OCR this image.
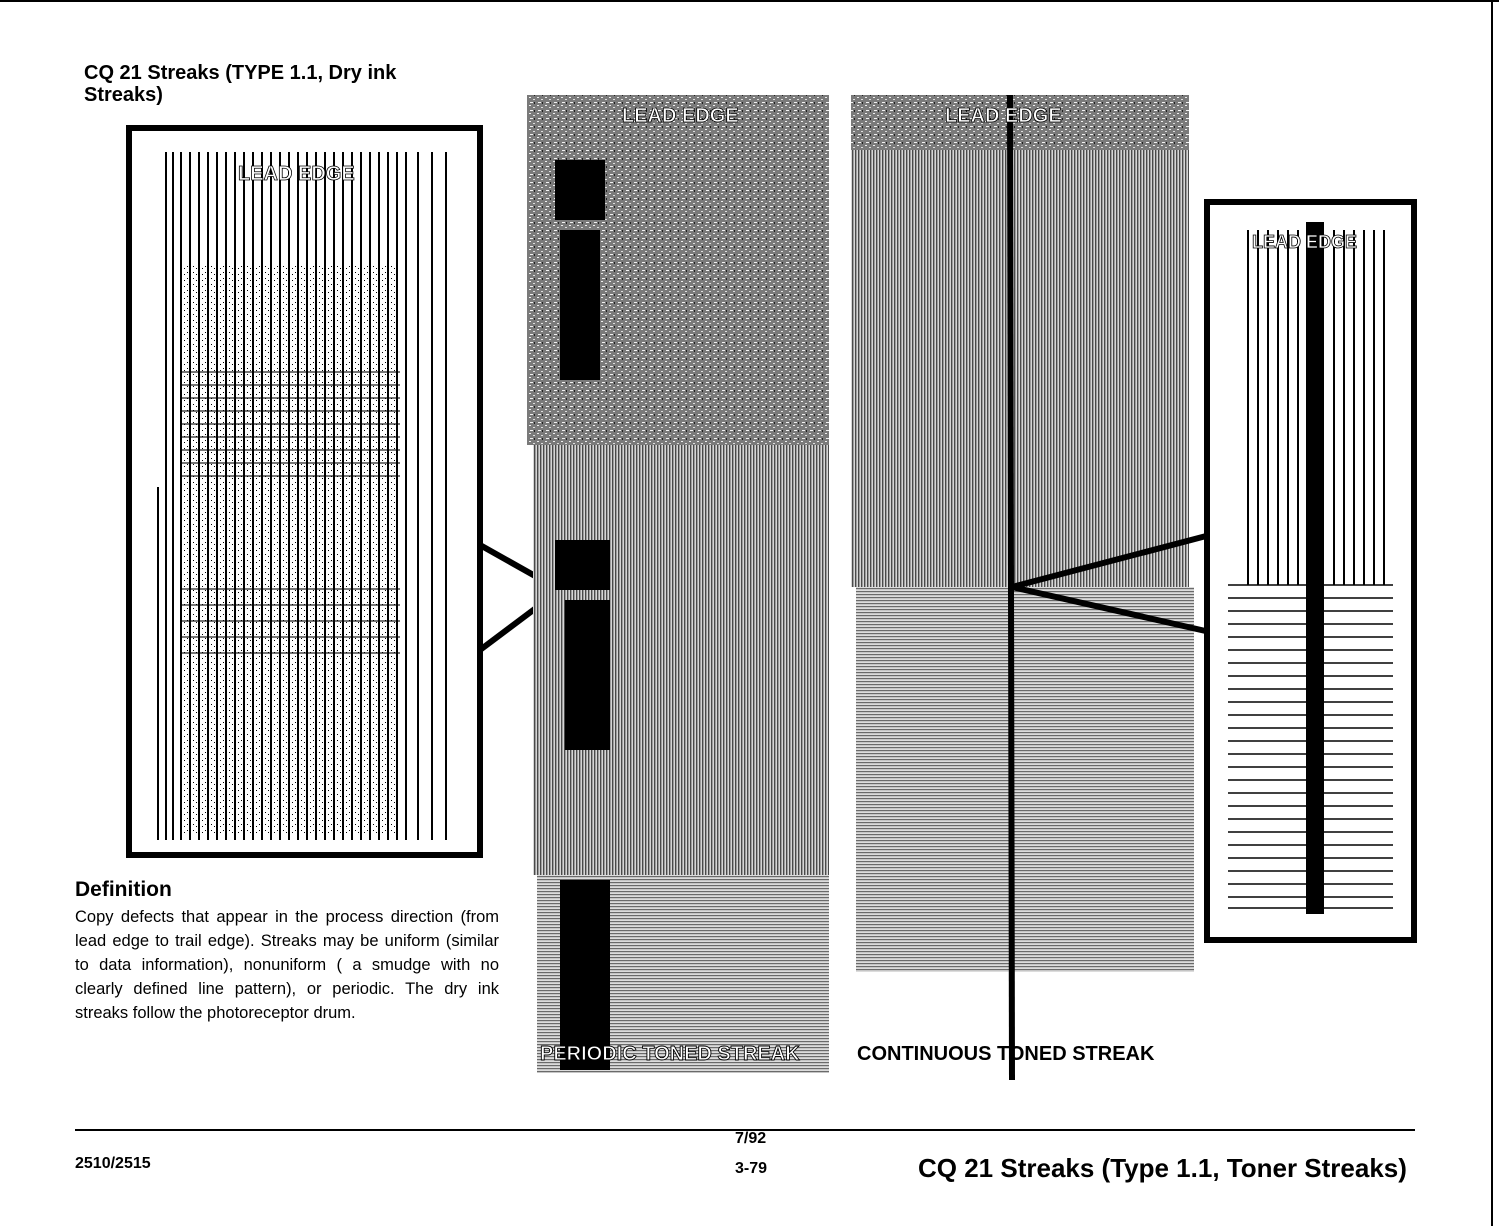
CQ 21 Streaks (TYPE 1.1, Dry ink Streaks)
LEAD EDGE
LEAD EDGE	LEAD EDGE
LEAD EDGE
PERIODIC TONED STREAK	CONTINUOUS TONED STREAK
Definition
Copy defects that appear in the process direction (from lead edge to trail edge). Streaks may be uniform (similar to data information), nonuniform ( a smudge with no clearly defined line pattern), or periodic. The dry ink streaks follow the photoreceptor drum.
2510/2515
7/92
3-79	CQ 21 Streaks (Type 1.1, Toner Streaks)
